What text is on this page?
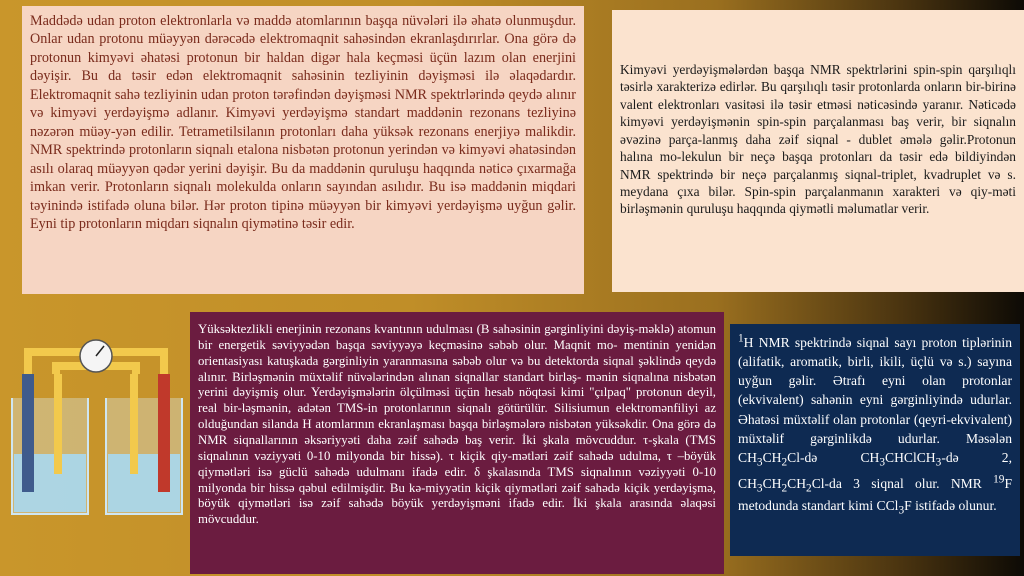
Maddədə udan proton elektronlarla və maddə atomlarının başqa nüvələri ilə əhatə olunmuşdur. Onlar udan protonu müəyyən dərəcədə elektromaqnit sahəsindən ekranlaşdırırlar. Ona görə də protonun kimyəvi əhatəsi protonun bir haldan digər hala keçməsi üçün lazım olan enerjini dəyişir. Bu da təsir edən elektromaqnit sahəsinin tezliyinin dəyişməsi ilə əlaqədardır. Elektromaqnit sahə tezliyinin udan proton tərəfindən dəyişməsi NMR spektrlərində qeydə alınır və kimyəvi yerdəyişmə adlanır. Kimyəvi yerdəyişmə standart maddənin rezonans tezliyinə nəzərən müəy-yən edilir. Tetrametilsilanın protonları daha yüksək rezonans enerjiyə malikdir. NMR spektrində protonların siqnalı etalona nisbətən protonun yerindən və kimyəvi əhatəsindən asılı olaraq müəyyən qədər yerini dəyişir. Bu da maddənin quruluşu haqqında nəticə çıxarmağa imkan verir. Protonların siqnalı molekulda onların sayından asılıdır. Bu isə maddənin miqdari təyinində istifadə oluna bilər. Hər proton tipinə müəyyən bir kimyəvi yerdəyişmə uyğun gəlir. Eyni tip protonların miqdarı siqnalın qiymətinə təsir edir.
Kimyəvi yerdəyişmələrdən başqa NMR spektrlərini spin-spin qarşılıqlı təsirlə xarakterizə edirlər. Bu qarşılıqlı təsir protonlarda onların bir-birinə valent elektronları vasitəsi ilə təsir etməsi nəticəsində yaranır. Nəticədə kimyəvi yerdəyişmənin spin-spin parçalanması baş verir, bir siqnalın əvəzinə parça-lanmış daha zəif siqnal - dublet əmələ gəlir.Protonun halına mo-lekulun bir neçə başqa protonları da təsir edə bildiyindən NMR spektrində bir neçə parçalanmış siqnal-triplet, kvadruplet və s. meydana çıxa bilər. Spin-spin parçalanmanın xarakteri və qiy-məti birləşmənin quruluşu haqqında qiymətli məlumatlar verir.
Yüksəktezlikli enerjinin rezonans kvantının udulması (B sahəsinin gərginliyini dəyiş-məklə) atomun bir energetik səviyyədən başqa səviyyəyə keçməsinə səbəb olur. Maqnit mo- mentinin yenidən orientasiyası katuşkada gərginliyin yaranmasına səbəb olur və bu detektorda siqnal şəklində qeydə alınır. Birləşmənin müxtəlif nüvələrindən alınan siqnallar standart birləş- mənin siqnalına nisbətən yerini dəyişmiş olur. Yerdəyişmələrin ölçülməsi üçün hesab nöqtəsi kimi "çılpaq" protonun deyil, real bir-ləşmənin, adətən TMS-in protonlarının siqnalı götürülür. Silisiumun elektromənfiliyi az olduğundan silanda H atomlarının ekranlaşması başqa birləşmələrə nisbətən yüksəkdir. Ona görə də NMR siqnallarının əksəriyyəti daha zəif sahədə baş verir. İki şkala mövcuddur. τ-şkala (TMS siqnalının vəziyyəti 0-10 milyonda bir hissə). τ kiçik qiy-mətləri zəif sahədə udulma, τ –böyük qiymətləri isə güclü sahədə udulmanı ifadə edir. δ şkalasında TMS siqnalının vəziyyəti 0-10 milyonda bir hissə qəbul edilmişdir. Bu kə-miyyətin kiçik qiymətləri zəif sahədə kiçik yerdəyişmə, böyük qiymətləri isə zəif sahədə böyük yerdəyişməni ifadə edir. İki şkala arasında əlaqəsi mövcuddur.
$^1$H NMR spektrində siqnal sayı proton tiplərinin (alifatik, aromatik, birli, ikili, üçlü və s.) sayına uyğun gəlir. Ətrafı eyni olan protonlar (ekvivalent) sahənin eyni gərginliyində udurlar. Əhatəsi müxtəlif olan protonlar (qeyri-ekvivalent) müxtəlif gərginlikdə udurlar. Məsələn $CH_3CH_2Cl-də$ $CH_3CHClCH_3-də$ 2, $CH_3CH_2CH_2Cl-da$ 3 siqnal olur. NMR $^{19}$F metodunda standart kimi CCl$_3$F istifadə olunur.
